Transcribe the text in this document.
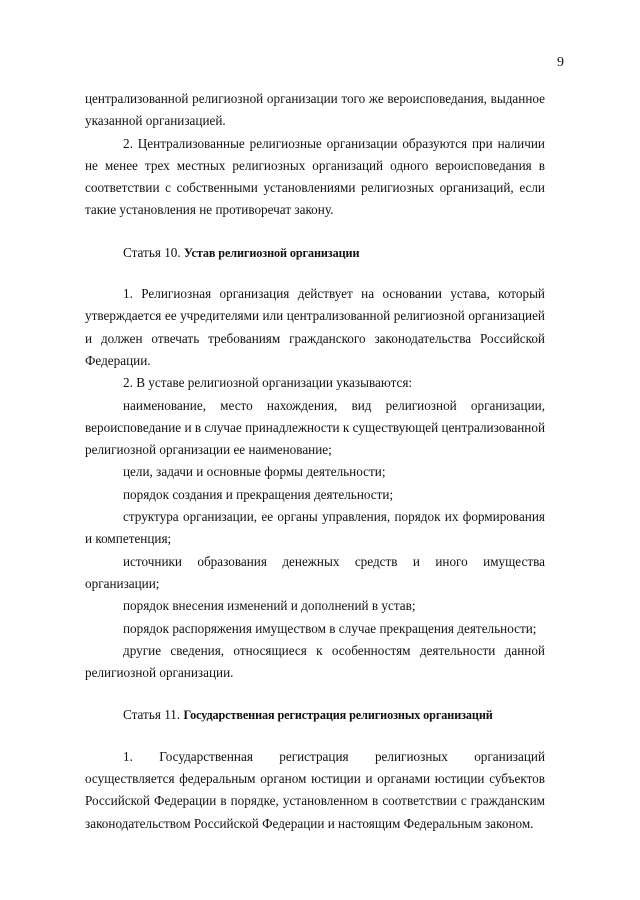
9

централизованной религиозной организации того же вероисповедания, выданное указанной организацией.

2. Централизованные религиозные организации образуются при наличии не менее трех местных религиозных организаций одного вероисповедания в соответствии с собственными установлениями религиозных организаций, если такие установления не противоречат закону.

Статья 10. Устав религиозной организации

1. Религиозная организация действует на основании устава, который утверждается ее учредителями или централизованной религиозной организацией и должен отвечать требованиям гражданского законодательства Российской Федерации.

2. В уставе религиозной организации указываются:

наименование, место нахождения, вид религиозной организации, вероисповедание и в случае принадлежности к существующей централизованной религиозной организации ее наименование;

цели, задачи и основные формы деятельности;

порядок создания и прекращения деятельности;

структура организации, ее органы управления, порядок их формирования и компетенция;

источники образования денежных средств и иного имущества организации;

порядок внесения изменений и дополнений в устав;

порядок распоряжения имуществом в случае прекращения деятельности;

другие сведения, относящиеся к особенностям деятельности данной религиозной организации.

Статья 11. Государственная регистрация религиозных организаций

1. Государственная регистрация религиозных организаций осуществляется федеральным органом юстиции и органами юстиции субъектов Российской Федерации в порядке, установленном в соответствии с гражданским законодательством Российской Федерации и настоящим Федеральным законом.
